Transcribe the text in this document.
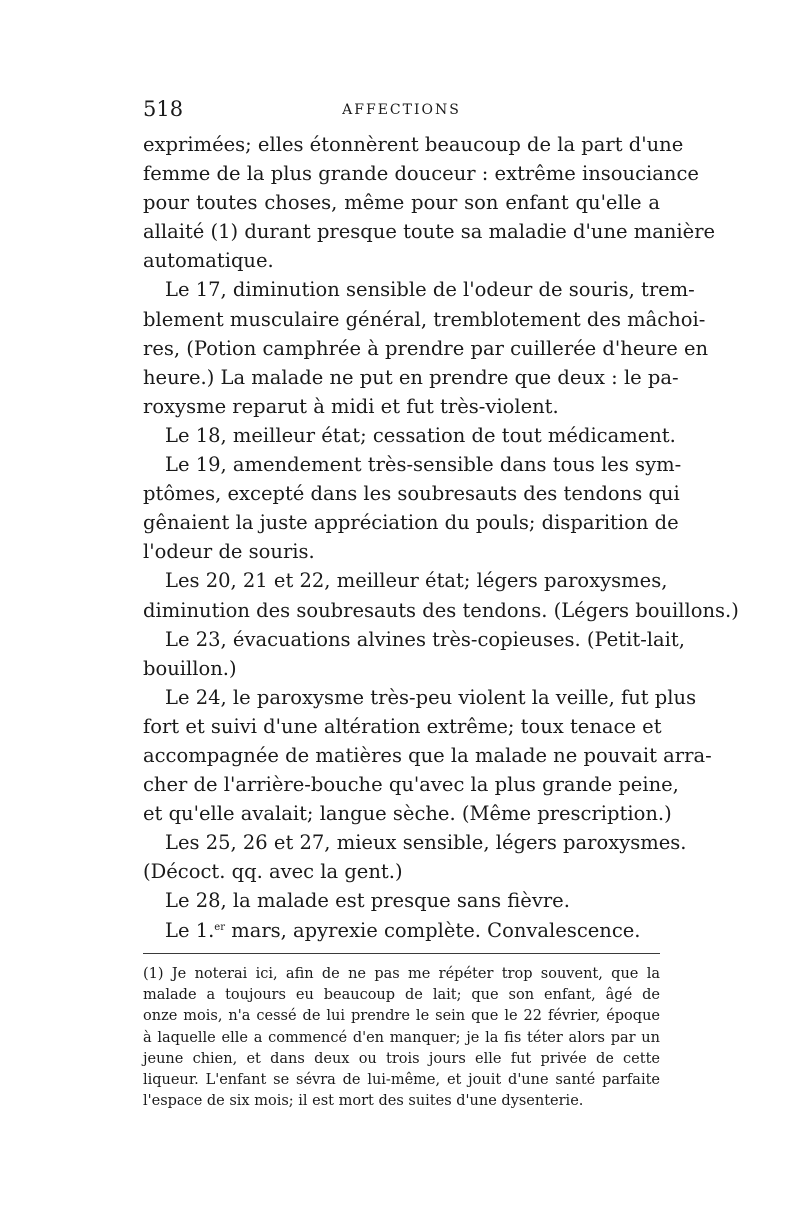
518	AFFECTIONS
exprimées; elles étonnèrent beaucoup de la part d'une
femme de la plus grande douceur : extrême insouciance
pour toutes choses, même pour son enfant qu'elle a
allaité (1) durant presque toute sa maladie d'une manière
automatique.
Le 17, diminution sensible de l'odeur de souris, trem-
blement musculaire général, tremblotement des mâchoi-
res, (Potion camphrée à prendre par cuillerée d'heure en
heure.) La malade ne put en prendre que deux : le pa-
roxysme reparut à midi et fut très-violent.
Le 18, meilleur état; cessation de tout médicament.
Le 19, amendement très-sensible dans tous les sym-
ptômes, excepté dans les soubresauts des tendons qui
gênaient la juste appréciation du pouls; disparition de
l'odeur de souris.
Les 20, 21 et 22, meilleur état; légers paroxysmes,
diminution des soubresauts des tendons. (Légers bouillons.)
Le 23, évacuations alvines très-copieuses. (Petit-lait,
bouillon.)
Le 24, le paroxysme très-peu violent la veille, fut plus
fort et suivi d'une altération extrême; toux tenace et
accompagnée de matières que la malade ne pouvait arra-
cher de l'arrière-bouche qu'avec la plus grande peine,
et qu'elle avalait; langue sèche. (Même prescription.)
Les 25, 26 et 27, mieux sensible, légers paroxysmes.
(Décoct. qq. avec la gent.)
Le 28, la malade est presque sans fièvre.
Le 1.$^{er}$ mars, apyrexie complète. Convalescence.
(1) Je noterai ici, afin de ne pas me répéter trop souvent, que la
malade a toujours eu beaucoup de lait; que son enfant, âgé de
onze mois, n'a cessé de lui prendre le sein que le 22 février, époque
à laquelle elle a commencé d'en manquer; je la fis téter alors par un
jeune chien, et dans deux ou trois jours elle fut privée de cette
liqueur. L'enfant se sévra de lui-même, et jouit d'une santé parfaite
l'espace de six mois; il est mort des suites d'une dysenterie.
